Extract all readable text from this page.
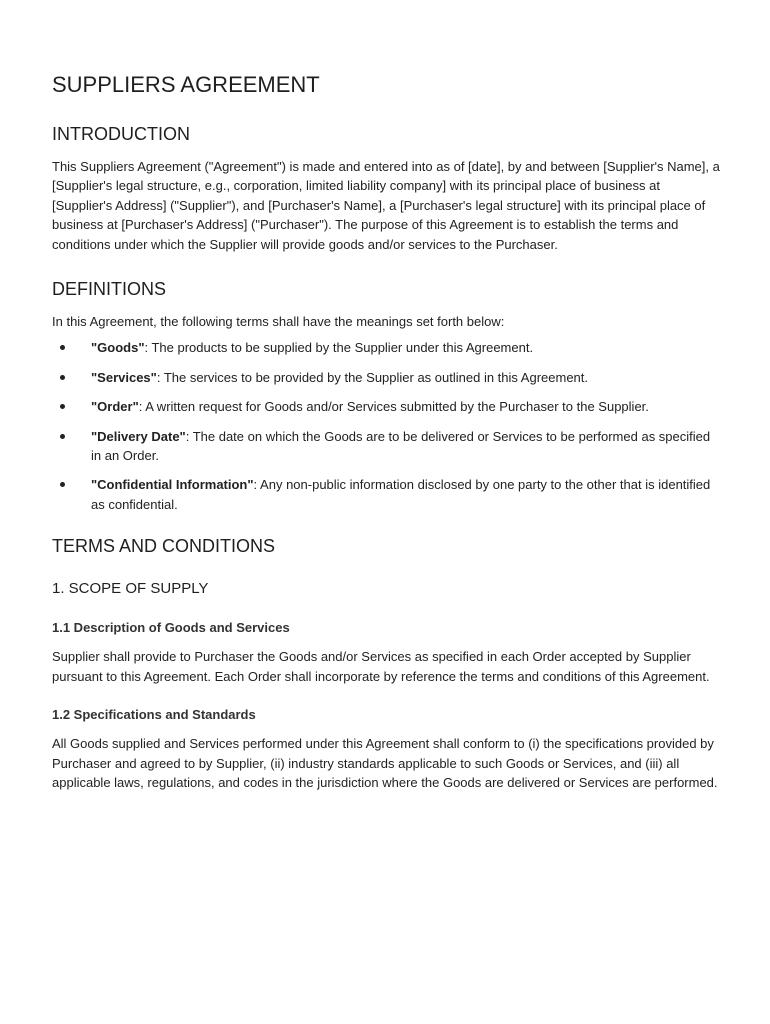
SUPPLIERS AGREEMENT
INTRODUCTION

This Suppliers Agreement ("Agreement") is made and entered into as of [date], by and between [Supplier's Name], a [Supplier's legal structure, e.g., corporation, limited liability company] with its principal place of business at [Supplier's Address] ("Supplier"), and [Purchaser's Name], a [Purchaser's legal structure] with its principal place of business at [Purchaser's Address] ("Purchaser"). The purpose of this Agreement is to establish the terms and conditions under which the Supplier will provide goods and/or services to the Purchaser.

DEFINITIONS

In this Agreement, the following terms shall have the meanings set forth below:

"Goods": The products to be supplied by the Supplier under this Agreement.
"Services": The services to be provided by the Supplier as outlined in this Agreement.
"Order": A written request for Goods and/or Services submitted by the Purchaser to the Supplier.
"Delivery Date": The date on which the Goods are to be delivered or Services to be performed as specified in an Order.
"Confidential Information": Any non-public information disclosed by one party to the other that is identified as confidential.
TERMS AND CONDITIONS
1. SCOPE OF SUPPLY
1.1 Description of Goods and Services

Supplier shall provide to Purchaser the Goods and/or Services as specified in each Order accepted by Supplier pursuant to this Agreement. Each Order shall incorporate by reference the terms and conditions of this Agreement.

1.2 Specifications and Standards

All Goods supplied and Services performed under this Agreement shall conform to (i) the specifications provided by Purchaser and agreed to by Supplier, (ii) industry standards applicable to such Goods or Services, and (iii) all applicable laws, regulations, and codes in the jurisdiction where the Goods are delivered or Services are performed.
